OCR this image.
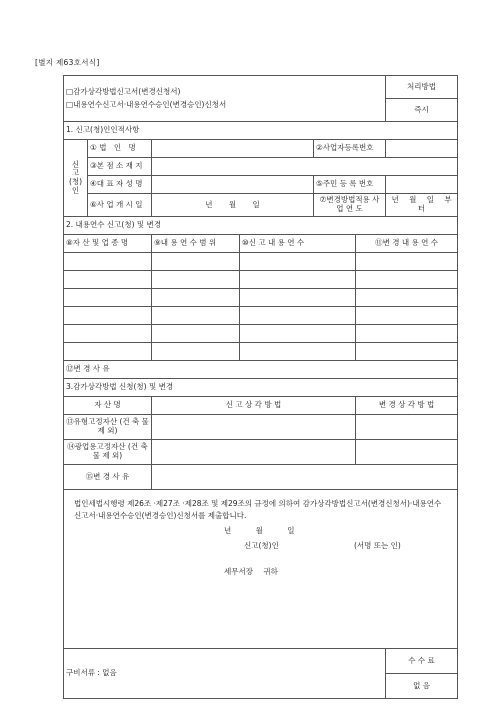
[별지 제63호서식]
□감가상각방법신고서(변경신청서)
□내용연수신고서·내용연수승인(변경승인)신청서						처리방법
						즉시
1. 신고(청)인인적사항						

신
고
(청)
인	①법 인 명			②사업자등록번호		
	③본 점 소 재 지					
	④대 표 자 성 명			⑤주민 등 록 번호		
	⑥사 업 개 시 일	년 월 일		⑦변경방법적용 사 업 연 도		년 월 일 부터
2. 내용연수 신고(청) 및 변경						
⑧자 산 및 업 종 명		⑨내 용 연 수 범 위	⑩신 고 내 용 연 수		⑪변 경 내 용 연 수	

⑫변 경 사 유						
3.감가상각방법 신청(청) 및 변경						
자 산 명		신 고 상 각 방 법			변 경 상 각 방 법	
⑬유형고정자산 (건 축 물 제 외)						
⑭광업용고정자산 (건 축 물 제 외)						
⑮변 경 사 유						

법인세법시행령 제26조 ·제27조 ·제28조 및 제29조의 규정에 의하여 감가상각방법신고서(변경신청서)·내용연수신고서·내용연수승인(변경승인)신청서를 제출합니다.

년 월 일

신고(청)인 (서명 또는 인)

세무서장 귀하						

구비서류 : 없음						수 수 료
						없 음
